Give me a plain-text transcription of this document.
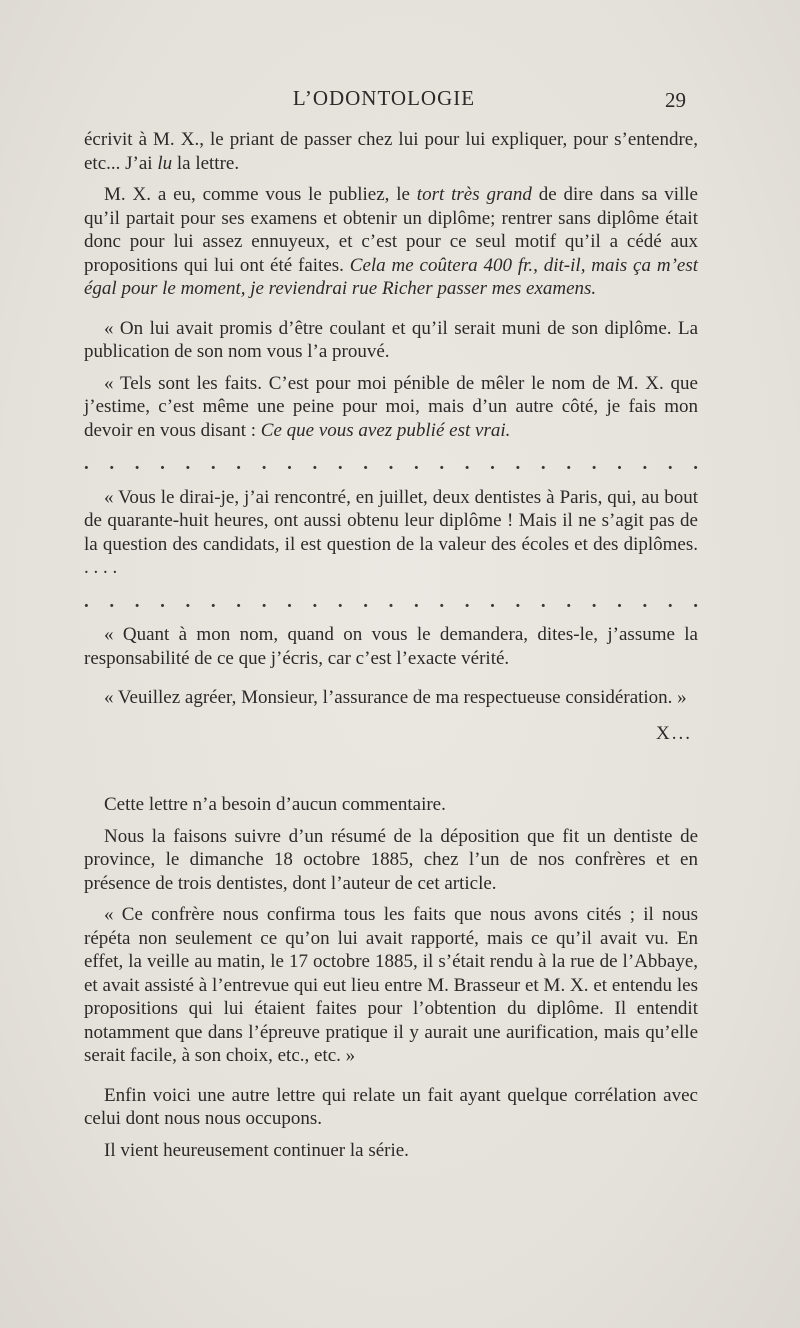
L’ODONTOLOGIE	29

écrivit à M. X., le priant de passer chez lui pour lui expliquer, pour s’entendre, etc... J’ai lu la lettre.

M. X. a eu, comme vous le publiez, le tort très grand de dire dans sa ville qu’il partait pour ses examens et obtenir un diplôme; rentrer sans diplôme était donc pour lui assez ennuyeux, et c’est pour ce seul motif qu’il a cédé aux propositions qui lui ont été faites. Cela me coûtera 400 fr., dit-il, mais ça m’est égal pour le moment, je reviendrai rue Richer passer mes examens.

« On lui avait promis d’être coulant et qu’il serait muni de son diplôme. La publication de son nom vous l’a prouvé.

« Tels sont les faits. C’est pour moi pénible de mêler le nom de M. X. que j’estime, c’est même une peine pour moi, mais d’un autre côté, je fais mon devoir en vous disant : Ce que vous avez publié est vrai.

. . . . . . . . . . . . . . . . . . . . . . . . .

« Vous le dirai-je, j’ai rencontré, en juillet, deux dentistes à Paris, qui, au bout de quarante-huit heures, ont aussi obtenu leur diplôme ! Mais il ne s’agit pas de la question des candidats, il est question de la valeur des écoles et des diplômes. . . . .

. . . . . . . . . . . . . . . . . . . . . . . . .

« Quant à mon nom, quand on vous le demandera, dites-le, j’assume la responsabilité de ce que j’écris, car c’est l’exacte vérité.

« Veuillez agréer, Monsieur, l’assurance de ma respectueuse considération. »

X...

Cette lettre n’a besoin d’aucun commentaire.

Nous la faisons suivre d’un résumé de la déposition que fit un dentiste de province, le dimanche 18 octobre 1885, chez l’un de nos confrères et en présence de trois dentistes, dont l’auteur de cet article.

« Ce confrère nous confirma tous les faits que nous avons cités ; il nous répéta non seulement ce qu’on lui avait rapporté, mais ce qu’il avait vu. En effet, la veille au matin, le 17 octobre 1885, il s’était rendu à la rue de l’Abbaye, et avait assisté à l’entrevue qui eut lieu entre M. Brasseur et M. X. et entendu les propositions qui lui étaient faites pour l’obtention du diplôme. Il entendit notamment que dans l’épreuve pratique il y aurait une aurification, mais qu’elle serait facile, à son choix, etc., etc. »

Enfin voici une autre lettre qui relate un fait ayant quelque corrélation avec celui dont nous nous occupons.

Il vient heureusement continuer la série.
